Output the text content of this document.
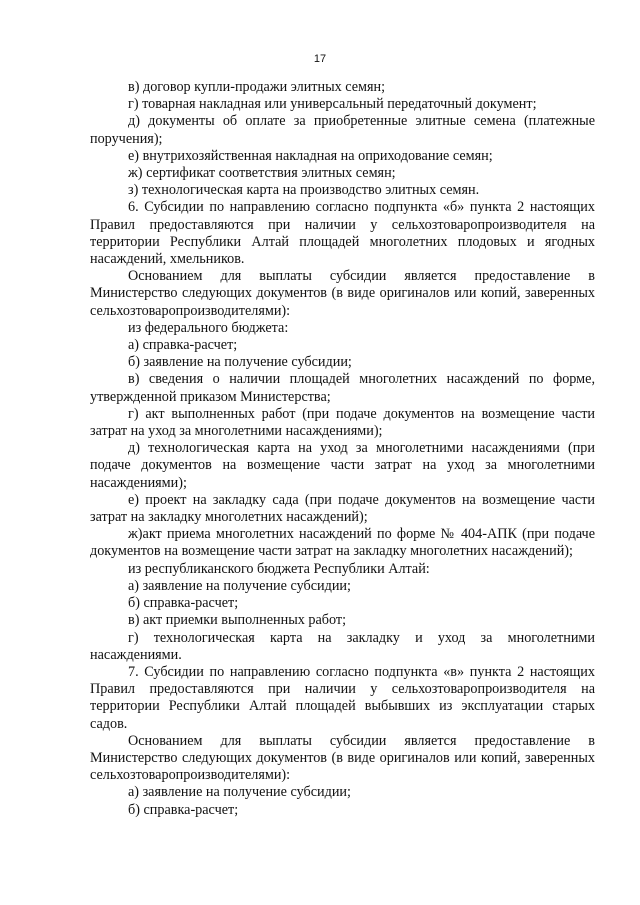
17

в) договор купли-продажи элитных семян;

г) товарная накладная или универсальный передаточный документ;

д) документы об оплате за приобретенные элитные семена (платежные поручения);

е) внутрихозяйственная накладная на оприходование семян;

ж) сертификат соответствия элитных семян;

з) технологическая карта на производство элитных семян.

6. Субсидии по направлению согласно подпункта «б» пункта 2 настоящих Правил предоставляются при наличии у сельхозтоваропроизводителя на территории Республики Алтай площадей многолетних плодовых и ягодных насаждений, хмельников.

Основанием для выплаты субсидии является предоставление в Министерство следующих документов (в виде оригиналов или копий, заверенных сельхозтоваропроизводителями):

из федерального бюджета:

а) справка-расчет;

б) заявление на получение субсидии;

в) сведения о наличии площадей многолетних насаждений по форме, утвержденной приказом Министерства;

г) акт выполненных работ (при подаче документов на возмещение части затрат на уход за многолетними насаждениями);

д) технологическая карта на уход за многолетними насаждениями (при подаче документов на возмещение части затрат на уход за многолетними насаждениями);

е) проект на закладку сада (при подаче документов на возмещение части затрат на закладку многолетних насаждений);

ж)акт приема многолетних насаждений по форме № 404-АПК (при подаче документов на возмещение части затрат на закладку многолетних насаждений);

из республиканского бюджета Республики Алтай:

а) заявление на получение субсидии;

б) справка-расчет;

в) акт приемки выполненных работ;

г) технологическая карта на закладку и уход за многолетними насаждениями.

7. Субсидии по направлению согласно подпункта «в» пункта 2 настоящих Правил предоставляются при наличии у сельхозтоваропроизводителя на территории Республики Алтай площадей выбывших из эксплуатации старых садов.

Основанием для выплаты субсидии является предоставление в Министерство следующих документов (в виде оригиналов или копий, заверенных сельхозтоваропроизводителями):

а) заявление на получение субсидии;

б) справка-расчет;
